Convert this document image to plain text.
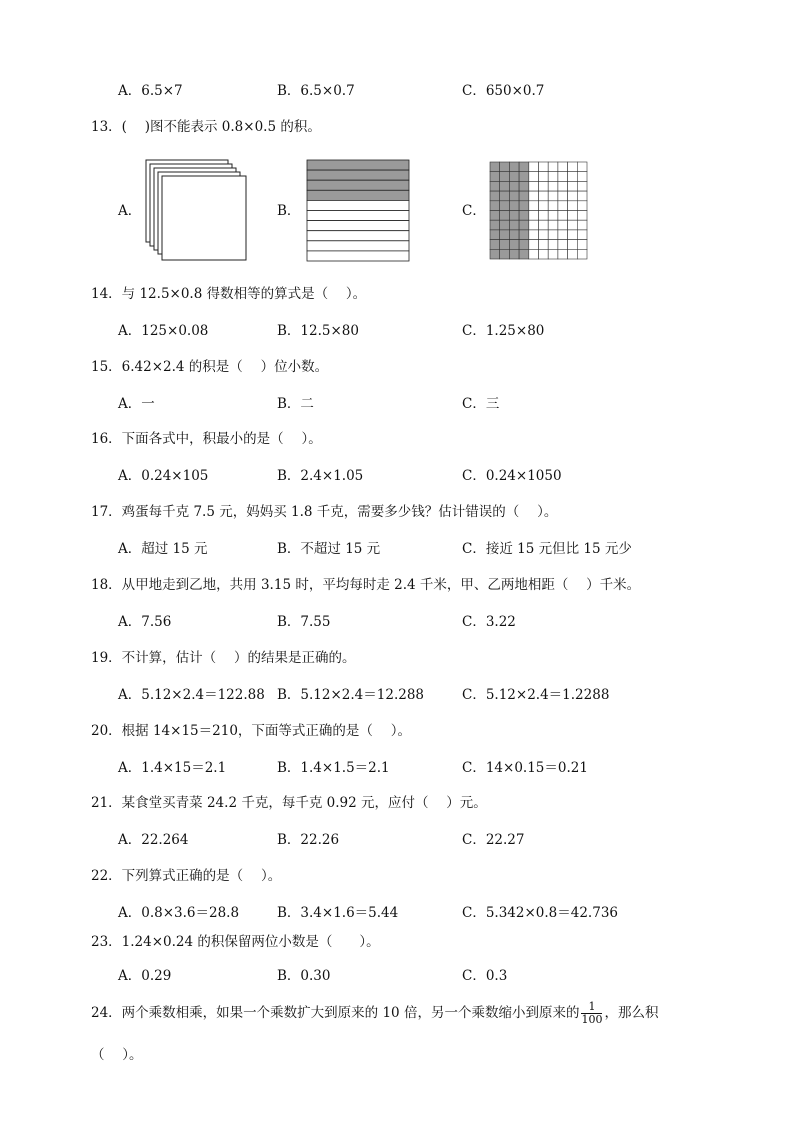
A．6.5×7	B．6.5×0.7	C．650×0.7
13．(　 )图不能表示 0.8×0.5 的积。
A．	B．	C．
14．与 12.5×0.8 得数相等的算式是（　 ）。
A．125×0.08	B．12.5×80	C．1.25×80
15．6.42×2.4 的积是（　 ）位小数。
A．一	B．二	C．三
16．下面各式中，积最小的是（　 ）。
A．0.24×105	B．2.4×1.05	C．0.24×1050
17．鸡蛋每千克 7.5 元，妈妈买 1.8 千克，需要多少钱？估计错误的（　 ）。
A．超过 15 元	B．不超过 15 元	C．接近 15 元但比 15 元少
18．从甲地走到乙地，共用 3.15 时，平均每时走 2.4 千米，甲、乙两地相距（　 ）千米。
A．7.56	B．7.55	C．3.22
19．不计算，估计（　 ）的结果是正确的。
A．5.12×2.4＝122.88 B．5.12×2.4＝12.288	C．5.12×2.4＝1.2288
20．根据 14×15＝210，下面等式正确的是（　 ）。
A．1.4×15＝2.1	B．1.4×1.5＝2.1	C．14×0.15＝0.21
21．某食堂买青菜 24.2 千克，每千克 0.92 元，应付（　 ）元。
A．22.264	B．22.26	C．22.27
22．下列算式正确的是（　 ）。
A．0.8×3.6＝28.8	B．3.4×1.6＝5.44	C．5.342×0.8＝42.736
23．1.24×0.24 的积保留两位小数是（　　）。
A．0.29	B．0.30	C．0.3
24．两个乘数相乘，如果一个乘数扩大到原来的 10 倍，另一个乘数缩小到原来的 $\frac{1}{100}$ ，那么积
（　 ）。
